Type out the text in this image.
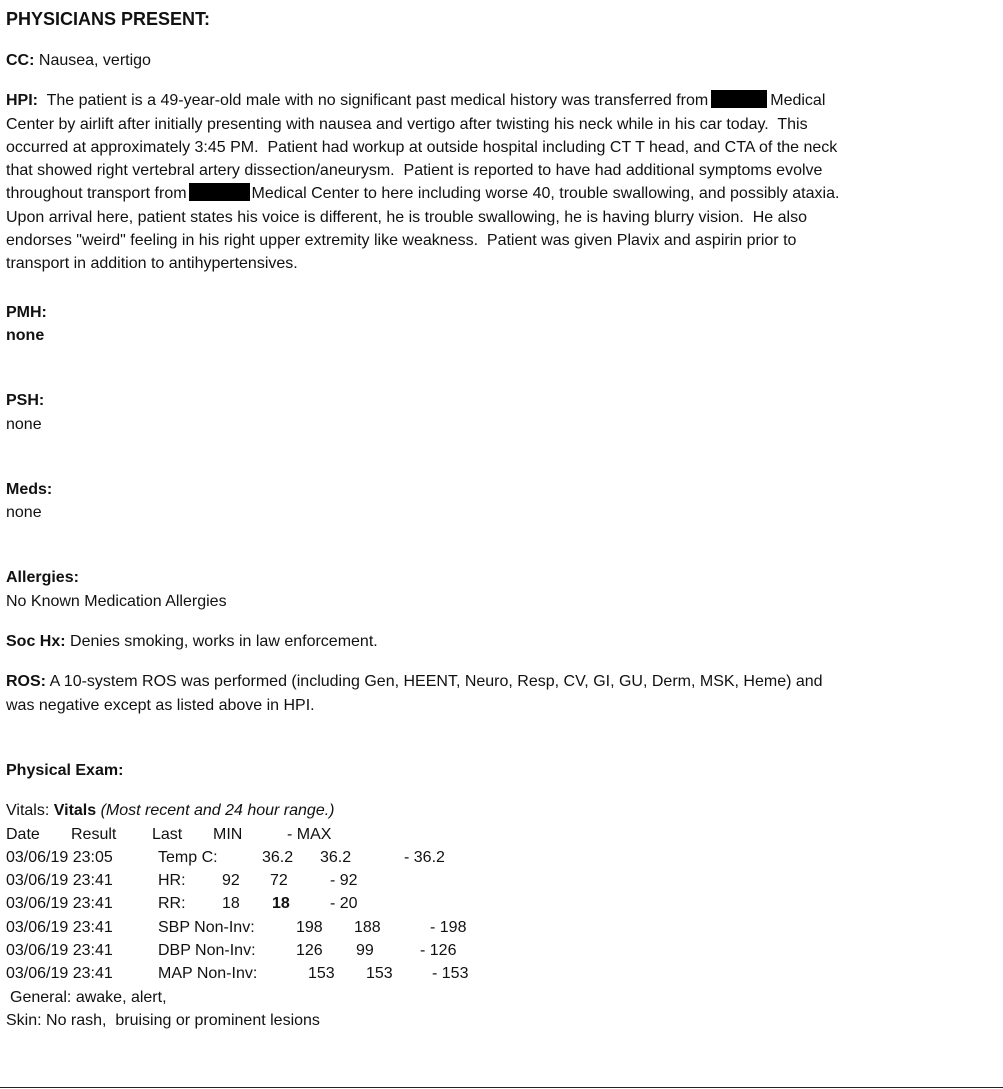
PHYSICIANS PRESENT:
CC: Nausea, vertigo
HPI: The patient is a 49-year-old male with no significant past medical history was transferred from	Medical
Center by airlift after initially presenting with nausea and vertigo after twisting his neck while in his car today.  This
occurred at approximately 3:45 PM.  Patient had workup at outside hospital including CT T head, and CTA of the neck
that showed right vertebral artery dissection/aneurysm.  Patient is reported to have had additional symptoms evolve
throughout transport from	Medical Center to here including worse 40, trouble swallowing, and possibly ataxia.
Upon arrival here, patient states his voice is different, he is trouble swallowing, he is having blurry vision.  He also
endorses "weird" feeling in his right upper extremity like weakness.  Patient was given Plavix and aspirin prior to
transport in addition to antihypertensives.
PMH:
none
PSH:
none
Meds:
none
Allergies:
No Known Medication Allergies
Soc Hx: Denies smoking, works in law enforcement.
ROS: A 10-system ROS was performed (including Gen, HEENT, Neuro, Resp, CV, GI, GU, Derm, MSK, Heme) and
was negative except as listed above in HPI.
Physical Exam:
Vitals: Vitals (Most recent and 24 hour range.)
Date Result Last MIN	- MAX
03/06/19 23:05	Temp C:	36.2 36.2	- 36.2
03/06/19 23:41	HR: 92 72	- 92
03/06/19 23:41	RR: 18 18	- 20
03/06/19 23:41	SBP Non-Inv:	198 188	- 198
03/06/19 23:41	DBP Non-Inv:	126 99	- 126
03/06/19 23:41	MAP Non-Inv:	153 153 - 153
General: awake, alert,
Skin: No rash,  bruising or prominent lesions
